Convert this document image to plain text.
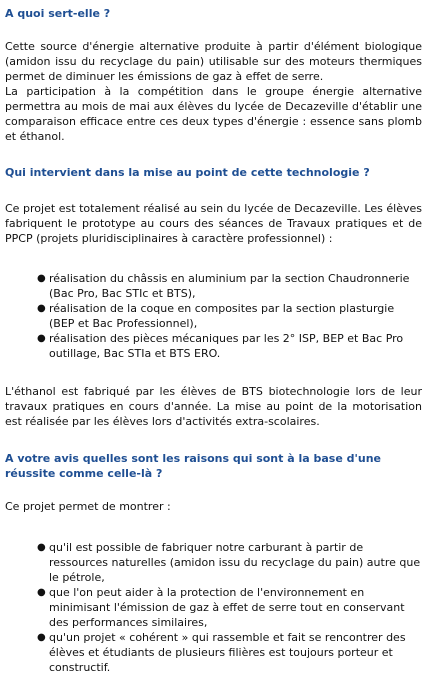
A quoi sert-elle ?

Cette source d'énergie alternative produite à partir d'élément biologique (amidon issu du recyclage du pain) utilisable sur des moteurs thermiques permet de diminuer les émissions de gaz à effet de serre.

La participation à la compétition dans le groupe énergie alternative permettra au mois de mai aux élèves du lycée de Decazeville d'établir une comparaison efficace entre ces deux types d'énergie : essence sans plomb et éthanol.

Qui intervient dans la mise au point de cette technologie ?

Ce projet est totalement réalisé au sein du lycée de Decazeville. Les élèves fabriquent le prototype au cours des séances de Travaux pratiques et de PPCP (projets pluridisciplinaires à caractère professionnel) :

● réalisation du châssis en aluminium par la section Chaudronnerie (Bac Pro, Bac STIc et BTS),
● réalisation de la coque en composites par la section plasturgie (BEP et Bac Professionnel),
● réalisation des pièces mécaniques par les 2° ISP, BEP et Bac Pro outillage, Bac STIa et BTS ERO.

L'éthanol est fabriqué par les élèves de BTS biotechnologie lors de leur travaux pratiques en cours d'année. La mise au point de la motorisation est réalisée par les élèves lors d'activités extra-scolaires.

A votre avis quelles sont les raisons qui sont à la base d'une réussite comme celle-là ?

Ce projet permet de montrer :

● qu'il est possible de fabriquer notre carburant à partir de ressources naturelles (amidon issu du recyclage du pain) autre que le pétrole,
● que l'on peut aider à la protection de l'environnement en minimisant l'émission de gaz à effet de serre tout en conservant des performances similaires,
● qu'un projet « cohérent » qui rassemble et fait se rencontrer des élèves et étudiants de plusieurs filières est toujours porteur et constructif.
